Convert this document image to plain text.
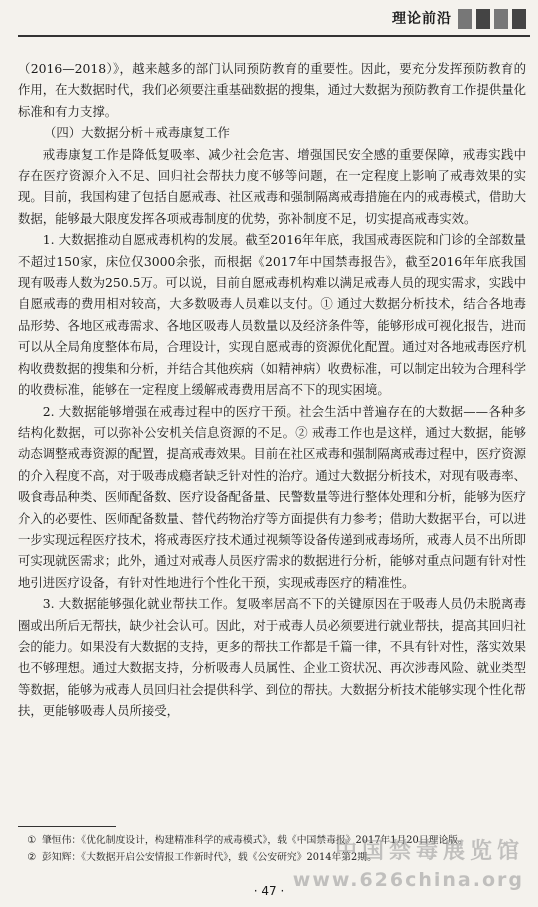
理论前沿

（2016—2018）》，越来越多的部门认同预防教育的重要性。因此，要充分发挥预防教育的作用，在大数据时代，我们必须要注重基础数据的搜集，通过大数据为预防教育工作提供量化标准和有力支撑。

（四）大数据分析＋戒毒康复工作

戒毒康复工作是降低复吸率、减少社会危害、增强国民安全感的重要保障，戒毒实践中存在医疗资源介入不足、回归社会帮扶力度不够等问题，在一定程度上影响了戒毒效果的实现。目前，我国构建了包括自愿戒毒、社区戒毒和强制隔离戒毒措施在内的戒毒模式，借助大数据，能够最大限度发挥各项戒毒制度的优势，弥补制度不足，切实提高戒毒实效。

1. 大数据推动自愿戒毒机构的发展。截至2016年年底，我国戒毒医院和门诊的全部数量不超过150家，床位仅3000余张，而根据《2017年中国禁毒报告》，截至2016年年底我国现有吸毒人数为250.5万。可以说，目前自愿戒毒机构难以满足戒毒人员的现实需求，实践中自愿戒毒的费用相对较高，大多数吸毒人员难以支付。① 通过大数据分析技术，结合各地毒品形势、各地区戒毒需求、各地区吸毒人员数量以及经济条件等，能够形成可视化报告，进而可以从全局角度整体布局，合理设计，实现自愿戒毒的资源优化配置。通过对各地戒毒医疗机构收费数据的搜集和分析，并结合其他疾病（如精神病）收费标准，可以制定出较为合理科学的收费标准，能够在一定程度上缓解戒毒费用居高不下的现实困境。

2. 大数据能够增强在戒毒过程中的医疗干预。社会生活中普遍存在的大数据——各种多结构化数据，可以弥补公安机关信息资源的不足。② 戒毒工作也是这样，通过大数据，能够动态调整戒毒资源的配置，提高戒毒效果。目前在社区戒毒和强制隔离戒毒过程中，医疗资源的介入程度不高，对于吸毒成瘾者缺乏针对性的治疗。通过大数据分析技术，对现有吸毒率、吸食毒品种类、医师配备数、医疗设备配备量、民警数量等进行整体处理和分析，能够为医疗介入的必要性、医师配备数量、替代药物治疗等方面提供有力参考；借助大数据平台，可以进一步实现远程医疗技术，将戒毒医疗技术通过视频等设备传递到戒毒场所，戒毒人员不出所即可实现就医需求；此外，通过对戒毒人员医疗需求的数据进行分析，能够对重点问题有针对性地引进医疗设备，有针对性地进行个性化干预，实现戒毒医疗的精准性。

3. 大数据能够强化就业帮扶工作。复吸率居高不下的关键原因在于吸毒人员仍未脱离毒圈或出所后无帮扶，缺少社会认可。因此，对于戒毒人员必须要进行就业帮扶，提高其回归社会的能力。如果没有大数据的支持，更多的帮扶工作都是千篇一律，不具有针对性，落实效果也不够理想。通过大数据支持，分析吸毒人员属性、企业工资状况、再次涉毒风险、就业类型等数据，能够为戒毒人员回归社会提供科学、到位的帮扶。大数据分析技术能够实现个性化帮扶，更能够吸毒人员所接受，

① 肇恒伟：《优化制度设计，构建精准科学的戒毒模式》，载《中国禁毒报》2017年1月20日理论版。

② 彭知辉：《大数据开启公安情报工作新时代》，载《公安研究》2014年第2期。

中国禁毒展览馆
www.626china.org
· 47 ·
